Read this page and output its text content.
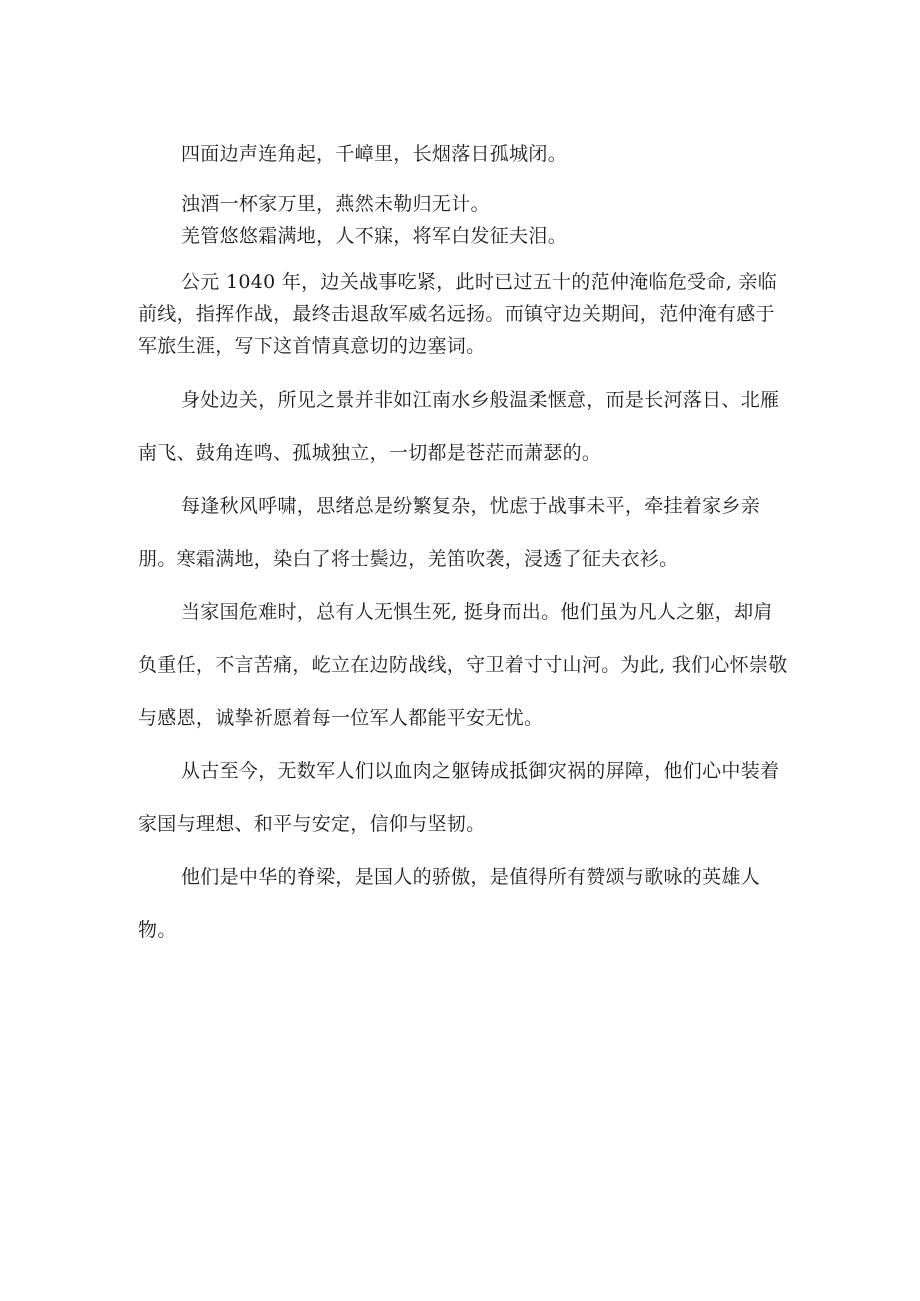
四面边声连角起，千嶂里，长烟落日孤城闭。

浊酒一杯家万里，燕然未勒归无计。

羌管悠悠霜满地，人不寐，将军白发征夫泪。

公元 1040 年，边关战事吃紧，此时已过五十的范仲淹临危受命, 亲临前线，指挥作战，最终击退敌军威名远扬。而镇守边关期间，范仲淹有感于军旅生涯，写下这首情真意切的边塞词。

身处边关，所见之景并非如江南水乡般温柔惬意，而是长河落日、北雁南飞、鼓角连鸣、孤城独立，一切都是苍茫而萧瑟的。

每逢秋风呼啸，思绪总是纷繁复杂，忧虑于战事未平，牵挂着家乡亲朋。寒霜满地，染白了将士鬓边，羌笛吹袭，浸透了征夫衣衫。

当家国危难时，总有人无惧生死, 挺身而出。他们虽为凡人之躯，却肩负重任，不言苦痛，屹立在边防战线，守卫着寸寸山河。为此, 我们心怀崇敬与感恩，诚挚祈愿着每一位军人都能平安无忧。

从古至今，无数军人们以血肉之躯铸成抵御灾祸的屏障，他们心中装着家国与理想、和平与安定，信仰与坚韧。

他们是中华的脊梁，是国人的骄傲，是值得所有赞颂与歌咏的英雄人物。
